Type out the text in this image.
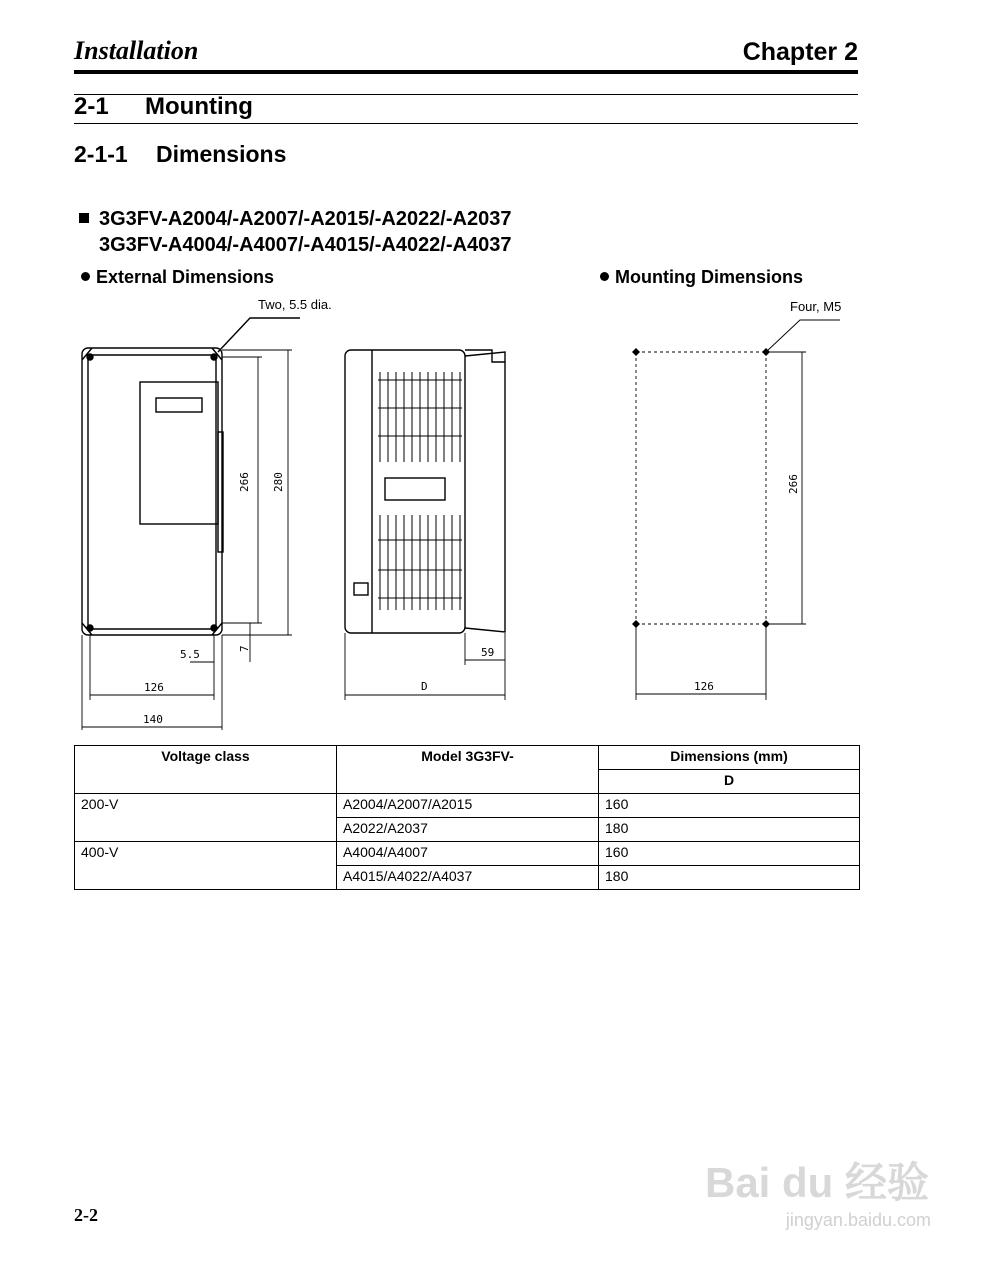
Installation	Chapter 2
2-1 Mounting
2-1-1 Dimensions
3G3FV-A2004/-A2007/-A2015/-A2022/-A2037
3G3FV-A4004/-A4007/-A4015/-A4022/-A4037
External Dimensions	Mounting Dimensions
Two, 5.5 dia.	Four, M5
266 280
5.5	7
126
140
59
D
266
126
Voltage class	Model 3G3FV-	Dimensions (mm)
		D
200-V	A2004/A2007/A2015	160
	A2022/A2037	180
400-V	A4004/A4007	160
	A4015/A4022/A4037	180
2-2
Bai du 经验
jingyan.baidu.com
